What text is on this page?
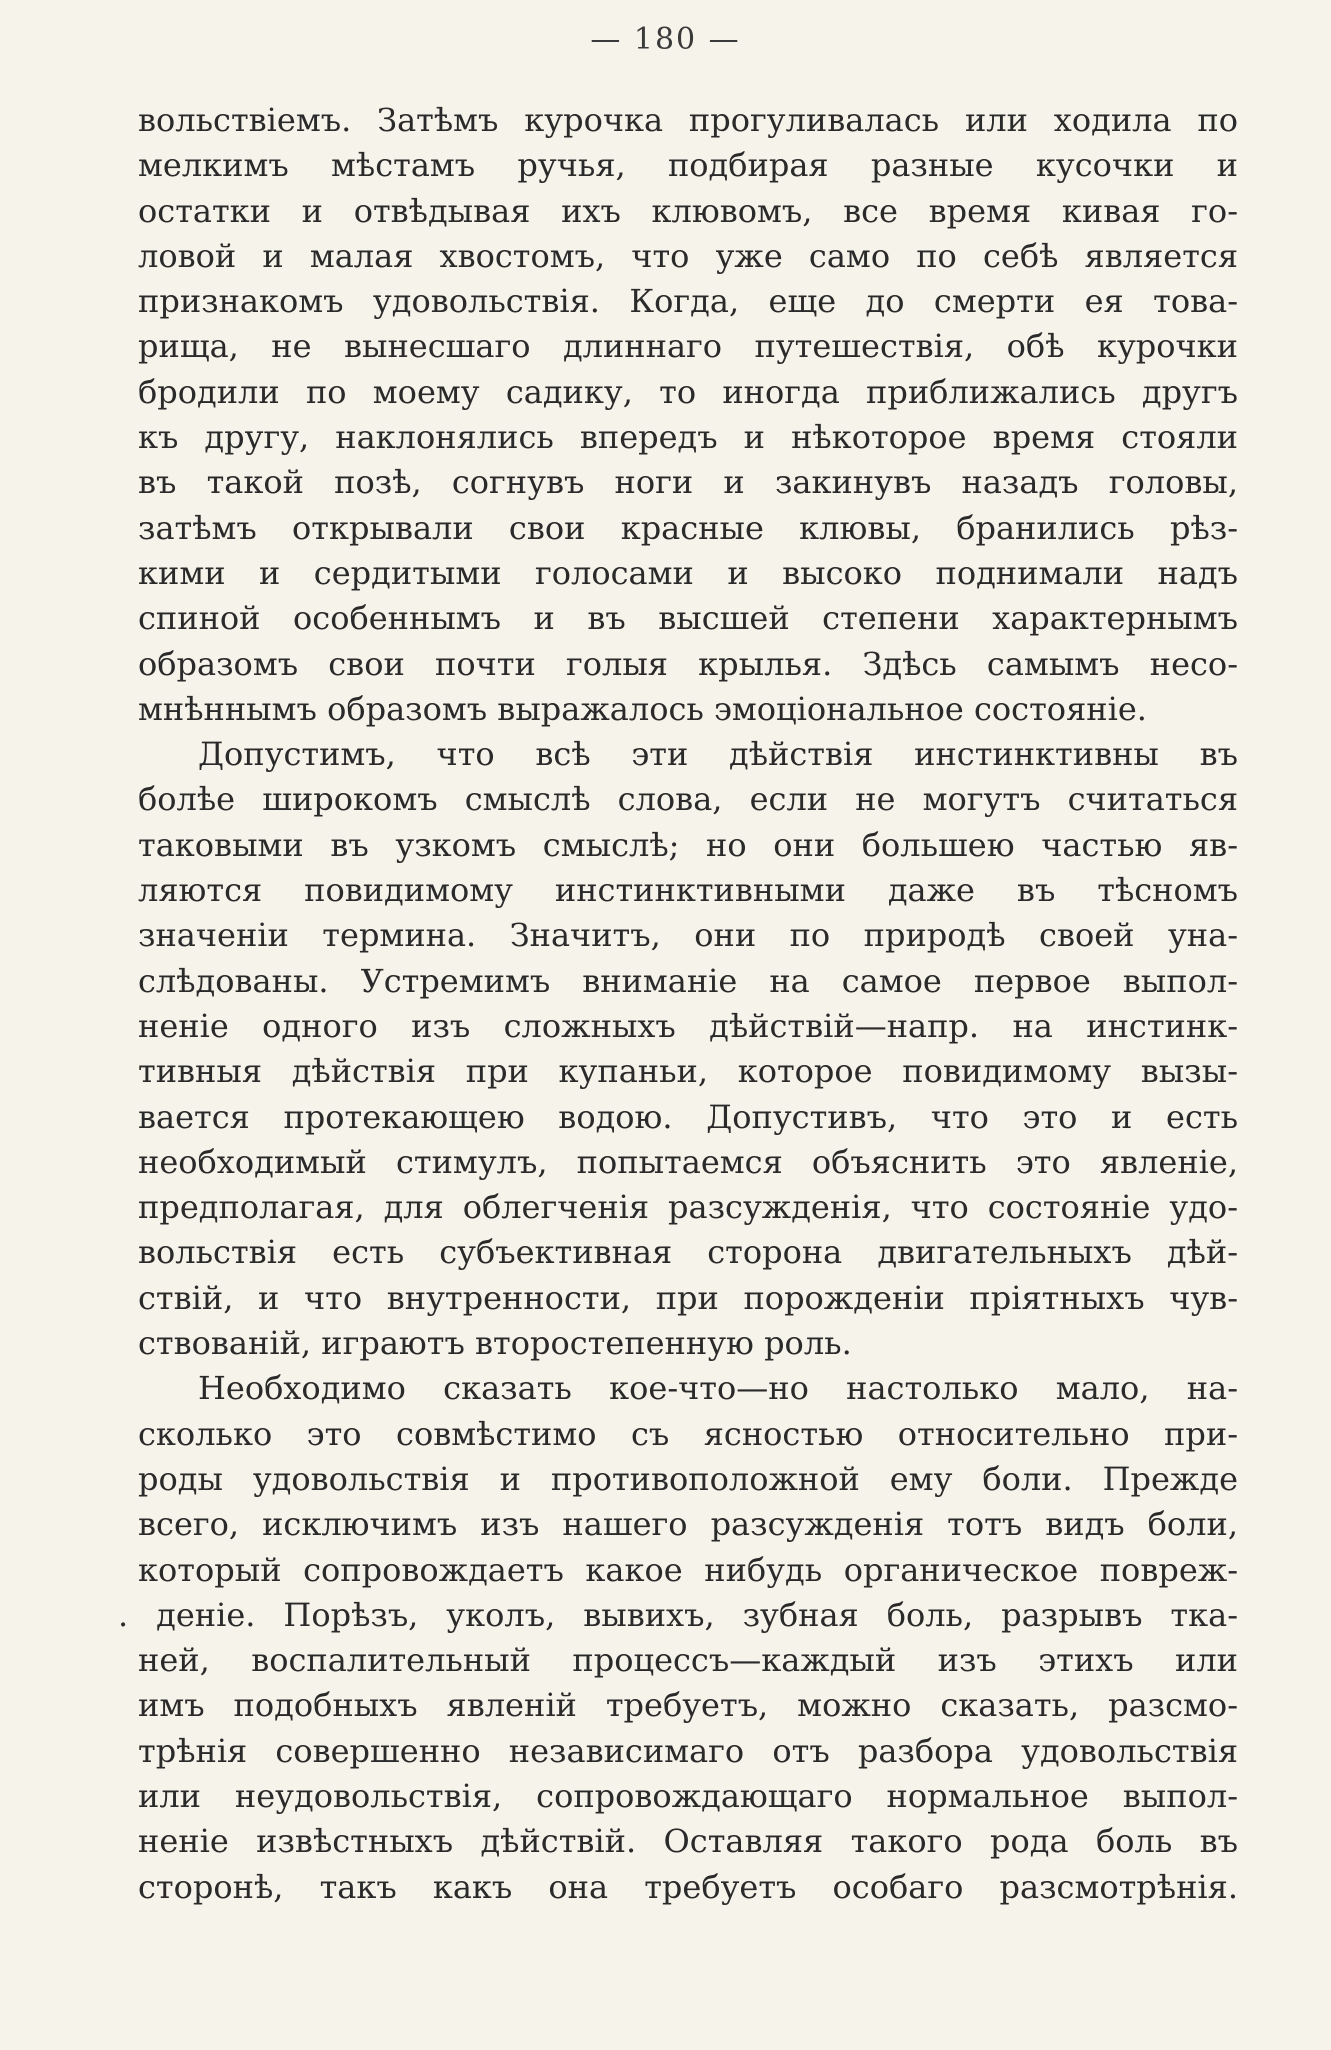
— 180 —
вольствіемъ. Затѣмъ курочка прогуливалась или ходила по
мелкимъ мѣстамъ ручья, подбирая разные кусочки и
остатки и отвѣдывая ихъ клювомъ, все время кивая го-
ловой и малая хвостомъ, что уже само по себѣ является
признакомъ удовольствія. Когда, еще до смерти ея това-
рища, не вынесшаго длиннаго путешествія, обѣ курочки
бродили по моему садику, то иногда приближались другъ
къ другу, наклонялись впередъ и нѣкоторое время стояли
въ такой позѣ, согнувъ ноги и закинувъ назадъ головы,
затѣмъ открывали свои красные клювы, бранились рѣз-
кими и сердитыми голосами и высоко поднимали надъ
спиной особеннымъ и въ высшей степени характернымъ
образомъ свои почти голыя крылья. Здѣсь самымъ несо-
мнѣннымъ образомъ выражалось эмоціональное состояніе.
Допустимъ, что всѣ эти дѣйствія инстинктивны въ
болѣе широкомъ смыслѣ слова, если не могутъ считаться
таковыми въ узкомъ смыслѣ; но они большею частью яв-
ляются повидимому инстинктивными даже въ тѣсномъ
значеніи термина. Значитъ, они по природѣ своей уна-
слѣдованы. Устремимъ вниманіе на самое первое выпол-
неніе одного изъ сложныхъ дѣйствій—напр. на инстинк-
тивныя дѣйствія при купаньи, которое повидимому вызы-
вается протекающею водою. Допустивъ, что это и есть
необходимый стимулъ, попытаемся объяснить это явленіе,
предполагая, для облегченія разсужденія, что состояніе удо-
вольствія есть субъективная сторона двигательныхъ дѣй-
ствій, и что внутренности, при порожденіи пріятныхъ чув-
ствованій, играютъ второстепенную роль.
Необходимо сказать кое-что—но настолько мало, на-
сколько это совмѣстимо съ ясностью относительно при-
роды удовольствія и противоположной ему боли. Прежде
всего, исключимъ изъ нашего разсужденія тотъ видъ боли,
который сопровождаетъ какое нибудь органическое повреж-
. деніе. Порѣзъ, уколъ, вывихъ, зубная боль, разрывъ тка-
ней, воспалительный процессъ—каждый изъ этихъ или
имъ подобныхъ явленій требуетъ, можно сказать, разсмо-
трѣнія совершенно независимаго отъ разбора удовольствія
или неудовольствія, сопровождающаго нормальное выпол-
неніе извѣстныхъ дѣйствій. Оставляя такого рода боль въ
сторонѣ, такъ какъ она требуетъ особаго разсмотрѣнія.
